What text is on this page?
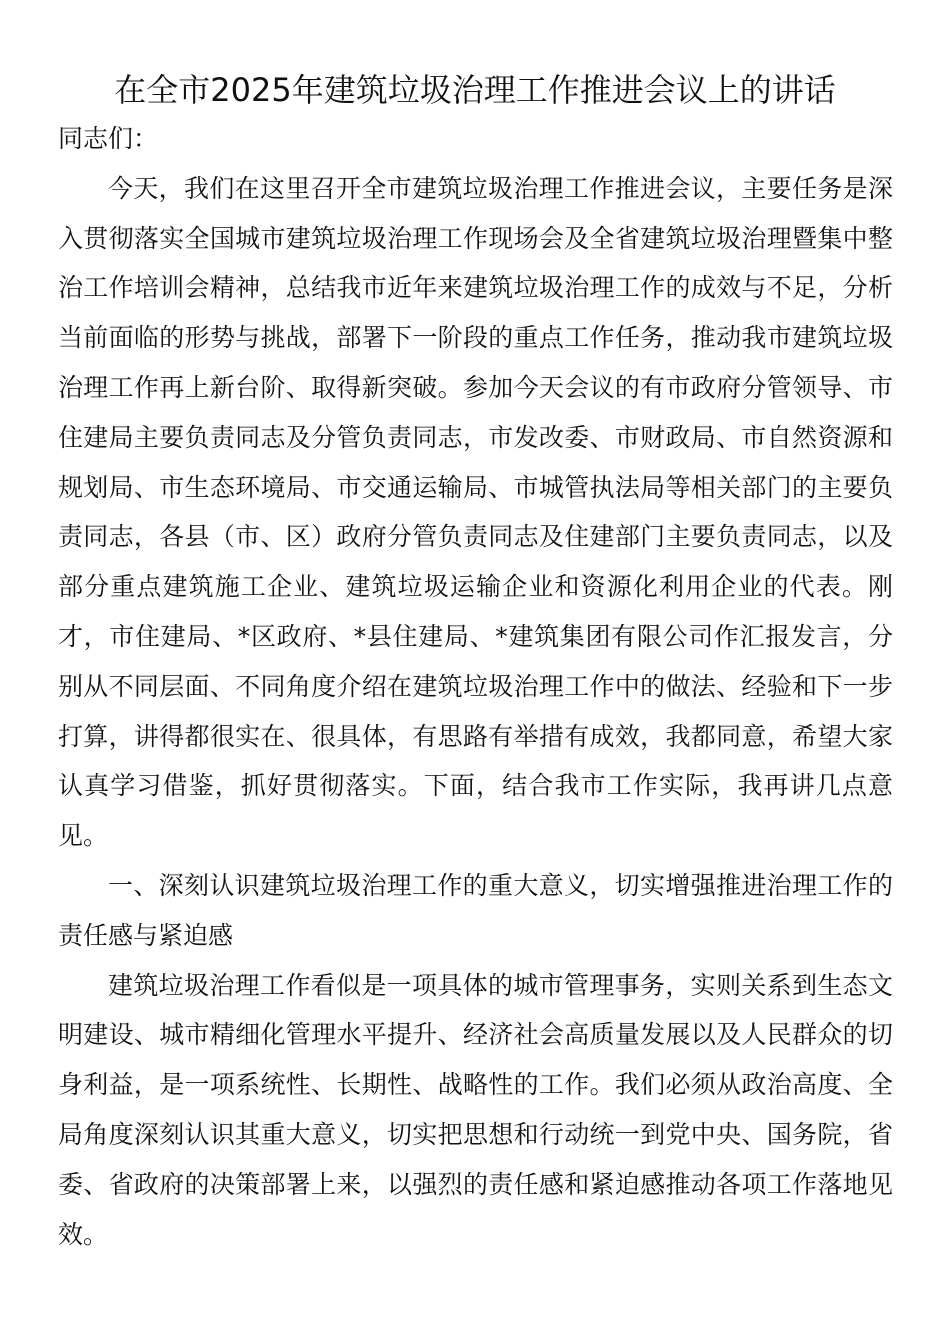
在全市2025年建筑垃圾治理工作推进会议上的讲话

同志们：

今天，我们在这里召开全市建筑垃圾治理工作推进会议，主要任务是深入贯彻落实全国城市建筑垃圾治理工作现场会及全省建筑垃圾治理暨集中整治工作培训会精神，总结我市近年来建筑垃圾治理工作的成效与不足，分析当前面临的形势与挑战，部署下一阶段的重点工作任务，推动我市建筑垃圾治理工作再上新台阶、取得新突破。参加今天会议的有市政府分管领导、市住建局主要负责同志及分管负责同志，市发改委、市财政局、市自然资源和规划局、市生态环境局、市交通运输局、市城管执法局等相关部门的主要负责同志，各县（市、区）政府分管负责同志及住建部门主要负责同志，以及部分重点建筑施工企业、建筑垃圾运输企业和资源化利用企业的代表。刚才，市住建局、*区政府、*县住建局、*建筑集团有限公司作汇报发言，分别从不同层面、不同角度介绍在建筑垃圾治理工作中的做法、经验和下一步打算，讲得都很实在、很具体，有思路有举措有成效，我都同意，希望大家认真学习借鉴，抓好贯彻落实。下面，结合我市工作实际，我再讲几点意见。

一、深刻认识建筑垃圾治理工作的重大意义，切实增强推进治理工作的责任感与紧迫感

建筑垃圾治理工作看似是一项具体的城市管理事务，实则关系到生态文明建设、城市精细化管理水平提升、经济社会高质量发展以及人民群众的切身利益，是一项系统性、长期性、战略性的工作。我们必须从政治高度、全局角度深刻认识其重大意义，切实把思想和行动统一到党中央、国务院，省委、省政府的决策部署上来，以强烈的责任感和紧迫感推动各项工作落地见效。
